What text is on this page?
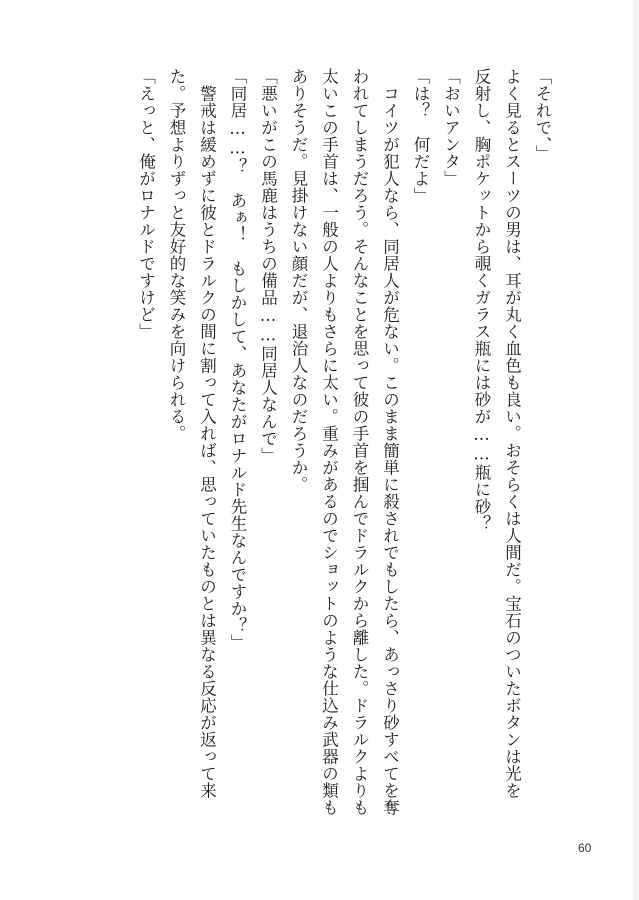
「それで、」
よく見るとスーツの男は、耳が丸く血色も良い。おそらくは人間だ。宝石のついたボタンは光を
反射し、胸ポケットから覗くガラス瓶には砂が……瓶に砂？
「おいアンタ」
「は？　何だよ」
　コイツが犯人なら、同居人が危ない。このまま簡単に殺されでもしたら、あっさり砂すべてを奪
われてしまうだろう。そんなことを思って彼の手首を掴んでドラルクから離した。ドラルクよりも
太いこの手首は、一般の人よりもさらに太い。重みがあるのでショットのような仕込み武器の類も
ありそうだ。見掛けない顔だが、退治人なのだろうか。
「悪いがこの馬鹿はうちの備品……同居人なんで」
「同居……？　あぁ！　もしかして、あなたがロナルド先生なんですか？」
　警戒は緩めずに彼とドラルクの間に割って入れば、思っていたものとは異なる反応が返って来
た。予想よりずっと友好的な笑みを向けられる。
「えっと、俺がロナルドですけど」
60
